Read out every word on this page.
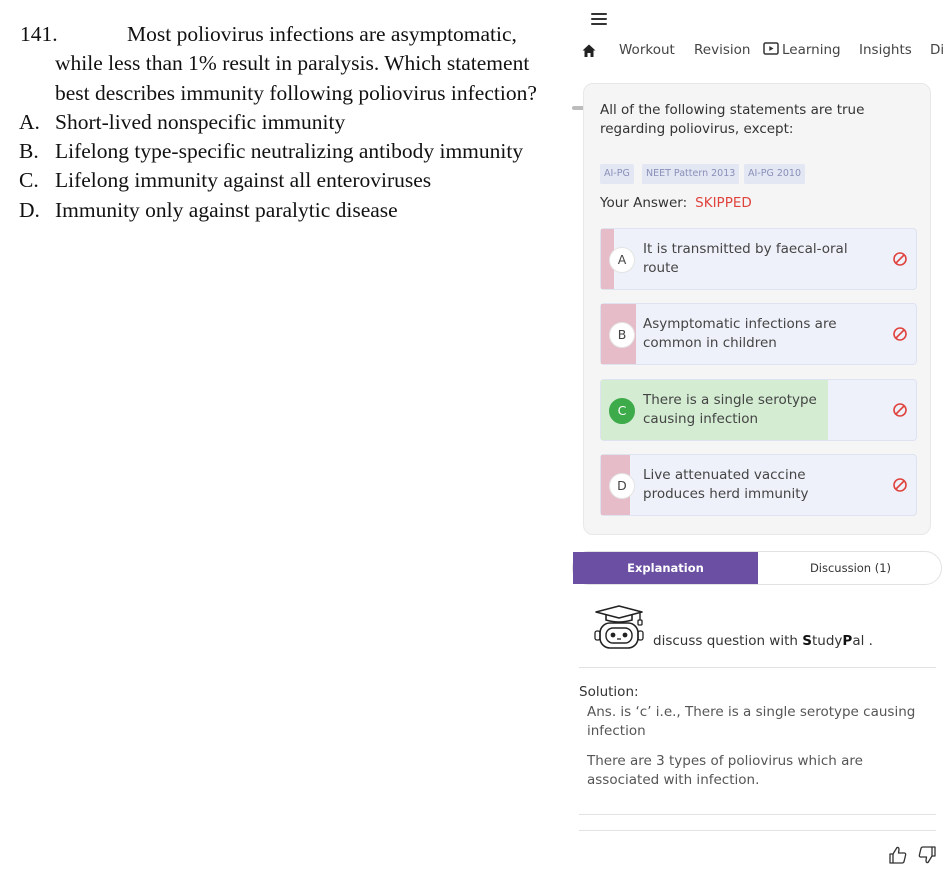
141.	Most poliovirus infections are asymptomatic,
while less than 1% result in paralysis. Which statement
best describes immunity following poliovirus infection?
A. Short-lived nonspecific immunity
B. Lifelong type-specific neutralizing antibody immunity
C. Lifelong immunity against all enteroviruses
D. Immunity only against paralytic disease
Workout Revision	Learning Insights Di
All of the following statements are true regarding poliovirus, except:
AI-PG	NEET Pattern 2013	AI-PG 2010
Your Answer: SKIPPED
A
It is transmitted by faecal-oral route
B
Asymptomatic infections are common in children
C
There is a single serotype causing infection
D
Live attenuated vaccine produces herd immunity
Explanation	Discussion (1)
discuss question with StudyPal .
Solution:
Ans. is ‘c’ i.e., There is a single serotype causing infection
There are 3 types of poliovirus which are associated with infection.
